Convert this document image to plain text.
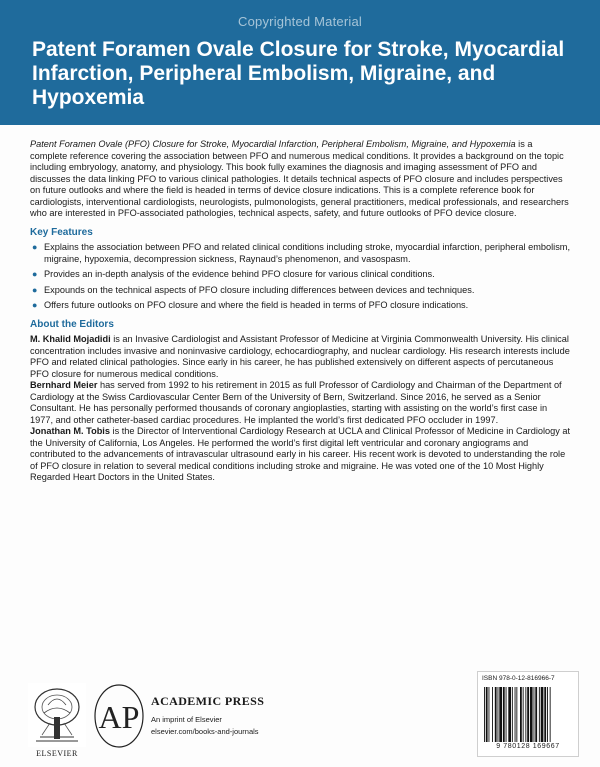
Copyrighted Material
Patent Foramen Ovale Closure for Stroke, Myocardial Infarction, Peripheral Embolism, Migraine, and Hypoxemia

Patent Foramen Ovale (PFO) Closure for Stroke, Myocardial Infarction, Peripheral Embolism, Migraine, and Hypoxemia is a complete reference covering the association between PFO and numerous medical conditions. It provides a background on the topic including embryology, anatomy, and physiology. This book fully examines the diagnosis and imaging assessment of PFO and discusses the data linking PFO to various clinical pathologies. It details technical aspects of PFO closure and includes perspectives on future outlooks and where the field is headed in terms of device closure indications. This is a complete reference book for cardiologists, interventional cardiologists, neurologists, pulmonologists, general practitioners, medical professionals, and researchers who are interested in PFO-associated pathologies, technical aspects, safety, and future outlooks of PFO device closure.

Key Features
● Explains the association between PFO and related clinical conditions including stroke, myocardial infarction, peripheral embolism, migraine, hypoxemia, decompression sickness, Raynaud’s phenomenon, and vasospasm.
● Provides an in-depth analysis of the evidence behind PFO closure for various clinical conditions.
● Expounds on the technical aspects of PFO closure including differences between devices and techniques.
● Offers future outlooks on PFO closure and where the field is headed in terms of PFO closure indications.
About the Editors

M. Khalid Mojadidi is an Invasive Cardiologist and Assistant Professor of Medicine at Virginia Commonwealth University. His clinical concentration includes invasive and noninvasive cardiology, echocardiography, and nuclear cardiology. His research interests include PFO and related clinical pathologies. Since early in his career, he has published extensively on different aspects of percutaneous PFO closure for numerous medical conditions.

Bernhard Meier has served from 1992 to his retirement in 2015 as full Professor of Cardiology and Chairman of the Department of Cardiology at the Swiss Cardiovascular Center Bern of the University of Bern, Switzerland. Since 2016, he served as a Senior Consultant. He has personally performed thousands of coronary angioplasties, starting with assisting on the world’s first case in 1977, and other catheter-based cardiac procedures. He implanted the world’s first dedicated PFO occluder in 1997.

Jonathan M. Tobis is the Director of Interventional Cardiology Research at UCLA and Clinical Professor of Medicine in Cardiology at the University of California, Los Angeles. He performed the world’s first digital left ventricular and coronary angiograms and contributed to the advancements of intravascular ultrasound early in his career. His recent work is devoted to understanding the role of PFO closure in relation to several medical conditions including stroke and migraine. He was voted one of the 10 Most Highly Regarded Heart Doctors in the United States.

ELSEVIER
AP ACADEMIC PRESS
An imprint of Elsevier
elsevier.com/books-and-journals
ISBN 978-0-12-816966-7
9 780128 169667
